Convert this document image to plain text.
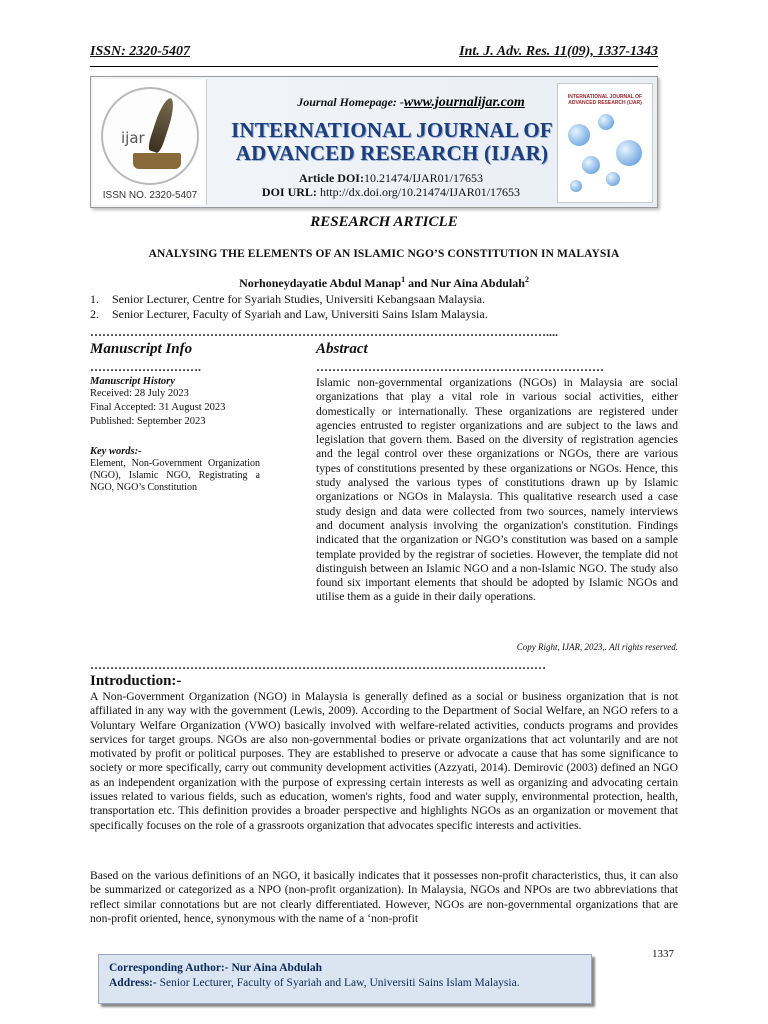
ISSN: 2320-5407	Int. J. Adv. Res. 11(09), 1337-1343
ijar
ISSN NO. 2320-5407
Journal Homepage: -www.journalijar.com
INTERNATIONAL JOURNAL OF
ADVANCED RESEARCH (IJAR)
Article DOI:10.21474/IJAR01/17653
DOI URL: http://dx.doi.org/10.21474/IJAR01/17653
INTERNATIONAL JOURNAL OF ADVANCED RESEARCH (IJAR)
RESEARCH ARTICLE
ANALYSING THE ELEMENTS OF AN ISLAMIC NGO’S CONSTITUTION IN MALAYSIA
Norhoneydayatie Abdul Manap$^1$ and Nur Aina Abdulah$^2$
1. Senior Lecturer, Centre for Syariah Studies, Universiti Kebangsaan Malaysia.
2. Senior Lecturer, Faculty of Syariah and Law, Universiti Sains Islam Malaysia.
……………………………………………………………………………………………………....
Manuscript Info	Abstract
……………………….	………………………………………………………………
Manuscript History
Received: 28 July 2023
Final Accepted: 31 August 2023
Published: September 2023
Key words:-
Element, Non-Government Organization (NGO), Islamic NGO, Registrating a NGO, NGO’s Constitution
Islamic non-governmental organizations (NGOs) in Malaysia are social organizations that play a vital role in various social activities, either domestically or internationally. These organizations are registered under agencies entrusted to register organizations and are subject to the laws and legislation that govern them. Based on the diversity of registration agencies and the legal control over these organizations or NGOs, there are various types of constitutions presented by these organizations or NGOs. Hence, this study analysed the various types of constitutions drawn up by Islamic organizations or NGOs in Malaysia. This qualitative research used a case study design and data were collected from two sources, namely interviews and document analysis involving the organization's constitution. Findings indicated that the organization or NGO’s constitution was based on a sample template provided by the registrar of societies. However, the template did not distinguish between an Islamic NGO and a non-Islamic NGO. The study also found six important elements that should be adopted by Islamic NGOs and utilise them as a guide in their daily operations.
Copy Right, IJAR, 2023,. All rights reserved.
……………………………………………………………………………………………………
Introduction:-
A Non-Government Organization (NGO) in Malaysia is generally defined as a social or business organization that is not affiliated in any way with the government (Lewis, 2009). According to the Department of Social Welfare, an NGO refers to a Voluntary Welfare Organization (VWO) basically involved with welfare-related activities, conducts programs and provides services for target groups. NGOs are also non-governmental bodies or private organizations that act voluntarily and are not motivated by profit or political purposes. They are established to preserve or advocate a cause that has some significance to society or more specifically, carry out community development activities (Azzyati, 2014). Demirovic (2003) defined an NGO as an independent organization with the purpose of expressing certain interests as well as organizing and advocating certain issues related to various fields, such as education, women's rights, food and water supply, environmental protection, health, transportation etc. This definition provides a broader perspective and highlights NGOs as an organization or movement that specifically focuses on the role of a grassroots organization that advocates specific interests and activities.
Based on the various definitions of an NGO, it basically indicates that it possesses non-profit characteristics, thus, it can also be summarized or categorized as a NPO (non-profit organization). In Malaysia, NGOs and NPOs are two abbreviations that reflect similar connotations but are not clearly differentiated. However, NGOs are non-governmental organizations that are non-profit oriented, hence, synonymous with the name of a ‘non-profit
1337
Corresponding Author:- Nur Aina Abdulah
Address:- Senior Lecturer, Faculty of Syariah and Law, Universiti Sains Islam Malaysia.
